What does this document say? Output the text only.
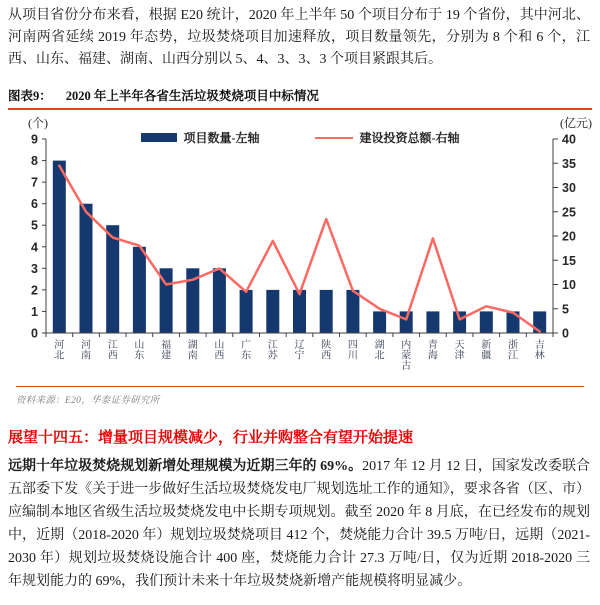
从项目省份分布来看，根据 E20 统计，2020 年上半年 50 个项目分布于 19 个省份，其中河北、河南两省延续 2019 年态势，垃圾焚烧项目加速释放，项目数量领先，分别为 8 个和 6 个，江西、山东、福建、湖南、山西分别以 5、4、3、3、3 个项目紧跟其后。

图表9： 2020 年上半年各省生活垃圾焚烧项目中标情况
(个)	(亿元)
项目数量-左轴	建设投资总额-右轴
0
1
2
3
4
5
6
7
8
9
0
5
10
15
20
25
30
35
40
河北
河南
江西
山东
福建
湖南
山西
广东
江苏
辽宁
陕西
四川
湖北
内蒙古
青海
天津
新疆
浙江
吉林
资料来源：E20，华泰证券研究所
展望十四五：增量项目规模减少，行业并购整合有望开始提速

远期十年垃圾焚烧规划新增处理规模为近期三年的 69%。2017 年 12 月 12 日，国家发改委联合五部委下发《关于进一步做好生活垃圾焚烧发电厂规划选址工作的通知》，要求各省（区、市）应编制本地区省级生活垃圾焚烧发电中长期专项规划。截至 2020 年 8 月底，在已经发布的规划中，近期（2018-2020 年）规划垃圾焚烧项目 412 个，焚烧能力合计 39.5 万吨/日，远期（2021-2030 年）规划垃圾焚烧设施合计 400 座，焚烧能力合计 27.3 万吨/日，仅为近期 2018-2020 三年规划能力的 69%，我们预计未来十年垃圾焚烧新增产能规模将明显减少。
